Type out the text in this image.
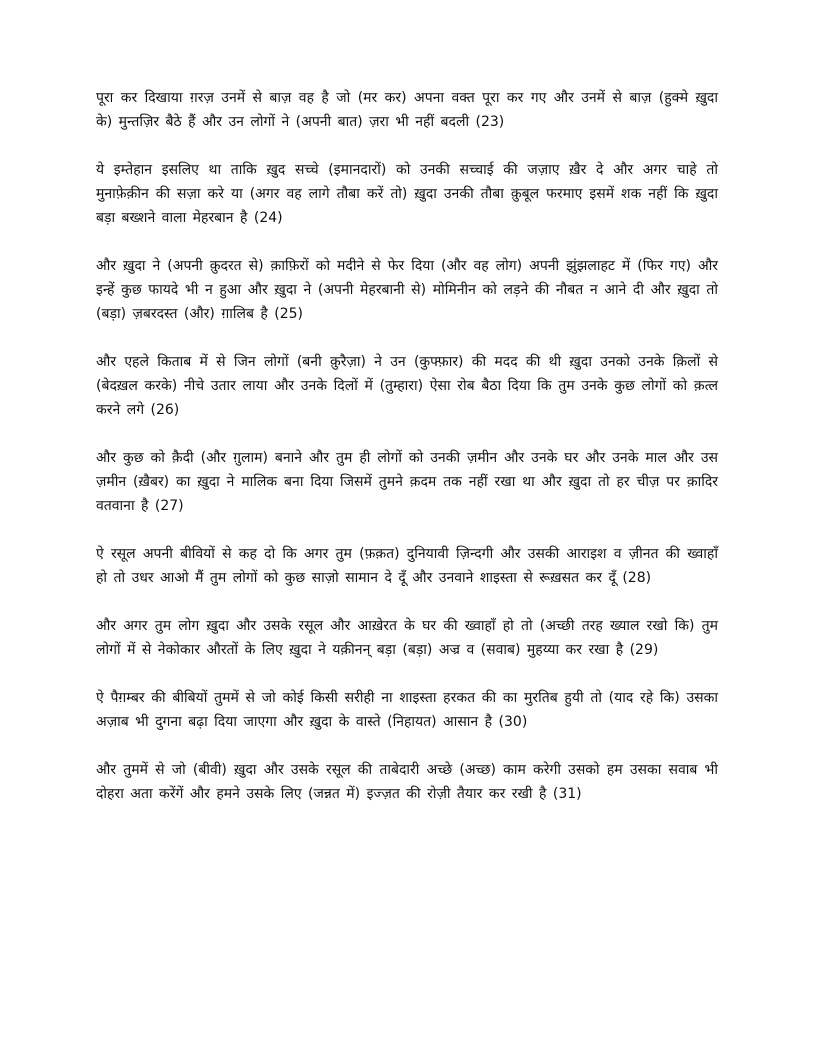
पूरा कर दिखाया ग़रज़ उनमें से बाज़ वह है जो (मर कर) अपना वक्त पूरा कर गए और उनमें से बाज़ (हुक्मे ख़ुदा के) मुन्तज़िर बैठे हैं और उन लोगों ने (अपनी बात) ज़रा भी नहीं बदली (23)

ये इम्तेहान इसलिए था ताकि ख़ुद सच्चे (इमानदारों) को उनकी सच्चाई की जज़ाए ख़ैर दे और अगर चाहे तो मुनाफ़ेक़ीन की सज़ा करे या (अगर वह लागे तौबा करें तो) ख़ुदा उनकी तौबा क़ुबूल फरमाए इसमें शक नहीं कि ख़ुदा बड़ा बख्शने वाला मेहरबान है (24)

और ख़ुदा ने (अपनी क़ुदरत से) क़ाफ़िरों को मदीने से फेर दिया (और वह लोग) अपनी झुंझलाहट में (फिर गए) और इन्हें कुछ फायदे भी न हुआ और ख़ुदा ने (अपनी मेहरबानी से) मोमिनीन को लड़ने की नौबत न आने दी और ख़ुदा तो (बड़ा) ज़बरदस्त (और) ग़ालिब है (25)

और एहले किताब में से जिन लोगों (बनी क़ुरैज़ा) ने उन (कुफ्फ़ार) की मदद की थी ख़ुदा उनको उनके क़िलों से (बेदख़ल करके) नीचे उतार लाया और उनके दिलों में (तुम्हारा) ऐसा रोब बैठा दिया कि तुम उनके कुछ लोगों को क़त्ल करने लगे (26)

और कुछ को क़ैदी (और ग़ुलाम) बनाने और तुम ही लोगों को उनकी ज़मीन और उनके घर और उनके माल और उस ज़मीन (ख़ैबर) का ख़ुदा ने मालिक बना दिया जिसमें तुमने क़दम तक नहीं रखा था और ख़ुदा तो हर चीज़ पर क़ादिर वतवाना है (27)

ऐ रसूल अपनी बीवियों से कह दो कि अगर तुम (फ़क़त) दुनियावी ज़िन्दगी और उसकी आराइश व ज़ीनत की ख्वाहाँ हो तो उधर आओ मैं तुम लोगों को कुछ साज़ो सामान दे दूँ और उनवाने शाइस्ता से रूख़सत कर दूँ (28)

और अगर तुम लोग ख़ुदा और उसके रसूल और आख़ेरत के घर की ख्वाहाँ हो तो (अच्छी तरह ख्याल रखो कि) तुम लोगों में से नेकोकार औरतों के लिए ख़ुदा ने यक़ीनन् बड़ा (बड़ा) अज्र व (सवाब) मुहय्या कर रखा है (29)

ऐ पैग़म्बर की बीबियों तुममें से जो कोई किसी सरीही ना शाइस्ता हरकत की का मुरतिब हुयी तो (याद रहे कि) उसका अज़ाब भी दुगना बढ़ा दिया जाएगा और ख़ुदा के वास्ते (निहायत) आसान है (30)

और तुममें से जो (बीवी) ख़ुदा और उसके रसूल की ताबेदारी अच्छे (अच्छ) काम करेगी उसको हम उसका सवाब भी दोहरा अता करेंगें और हमने उसके लिए (जन्नत में) इज्ज़त की रोज़ी तैयार कर रखी है (31)
